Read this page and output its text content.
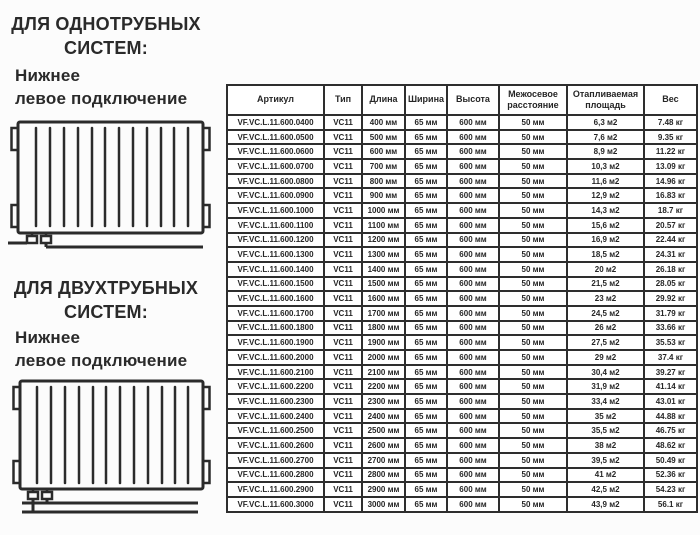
ДЛЯ ОДНОТРУБНЫХ СИСТЕМ:
Нижнее
левое подключение
ДЛЯ ДВУХТРУБНЫХ СИСТЕМ:
Нижнее
левое подключение
Артикул	Тип	Длина	Ширина	Высота	Межосевое расстояние	Отапливаемая площадь	Вес
VF.VC.L.11.600.0400	VC11	400 мм	65 мм	600 мм	50 мм	6,3 м2	7.48 кг
VF.VC.L.11.600.0500	VC11	500 мм	65 мм	600 мм	50 мм	7,6 м2	9.35 кг
VF.VC.L.11.600.0600	VC11	600 мм	65 мм	600 мм	50 мм	8,9 м2	11.22 кг
VF.VC.L.11.600.0700	VC11	700 мм	65 мм	600 мм	50 мм	10,3 м2	13.09 кг
VF.VC.L.11.600.0800	VC11	800 мм	65 мм	600 мм	50 мм	11,6 м2	14.96 кг
VF.VC.L.11.600.0900	VC11	900 мм	65 мм	600 мм	50 мм	12,9 м2	16.83 кг
VF.VC.L.11.600.1000	VC11	1000 мм	65 мм	600 мм	50 мм	14,3 м2	18.7 кг
VF.VC.L.11.600.1100	VC11	1100 мм	65 мм	600 мм	50 мм	15,6 м2	20.57 кг
VF.VC.L.11.600.1200	VC11	1200 мм	65 мм	600 мм	50 мм	16,9 м2	22.44 кг
VF.VC.L.11.600.1300	VC11	1300 мм	65 мм	600 мм	50 мм	18,5 м2	24.31 кг
VF.VC.L.11.600.1400	VC11	1400 мм	65 мм	600 мм	50 мм	20 м2	26.18 кг
VF.VC.L.11.600.1500	VC11	1500 мм	65 мм	600 мм	50 мм	21,5 м2	28.05 кг
VF.VC.L.11.600.1600	VC11	1600 мм	65 мм	600 мм	50 мм	23 м2	29.92 кг
VF.VC.L.11.600.1700	VC11	1700 мм	65 мм	600 мм	50 мм	24,5 м2	31.79 кг
VF.VC.L.11.600.1800	VC11	1800 мм	65 мм	600 мм	50 мм	26 м2	33.66 кг
VF.VC.L.11.600.1900	VC11	1900 мм	65 мм	600 мм	50 мм	27,5 м2	35.53 кг
VF.VC.L.11.600.2000	VC11	2000 мм	65 мм	600 мм	50 мм	29 м2	37.4 кг
VF.VC.L.11.600.2100	VC11	2100 мм	65 мм	600 мм	50 мм	30,4 м2	39.27 кг
VF.VC.L.11.600.2200	VC11	2200 мм	65 мм	600 мм	50 мм	31,9 м2	41.14 кг
VF.VC.L.11.600.2300	VC11	2300 мм	65 мм	600 мм	50 мм	33,4 м2	43.01 кг
VF.VC.L.11.600.2400	VC11	2400 мм	65 мм	600 мм	50 мм	35 м2	44.88 кг
VF.VC.L.11.600.2500	VC11	2500 мм	65 мм	600 мм	50 мм	35,5 м2	46.75 кг
VF.VC.L.11.600.2600	VC11	2600 мм	65 мм	600 мм	50 мм	38 м2	48.62 кг
VF.VC.L.11.600.2700	VC11	2700 мм	65 мм	600 мм	50 мм	39,5 м2	50.49 кг
VF.VC.L.11.600.2800	VC11	2800 мм	65 мм	600 мм	50 мм	41 м2	52.36 кг
VF.VC.L.11.600.2900	VC11	2900 мм	65 мм	600 мм	50 мм	42,5 м2	54.23 кг
VF.VC.L.11.600.3000	VC11	3000 мм	65 мм	600 мм	50 мм	43,9 м2	56.1 кг
